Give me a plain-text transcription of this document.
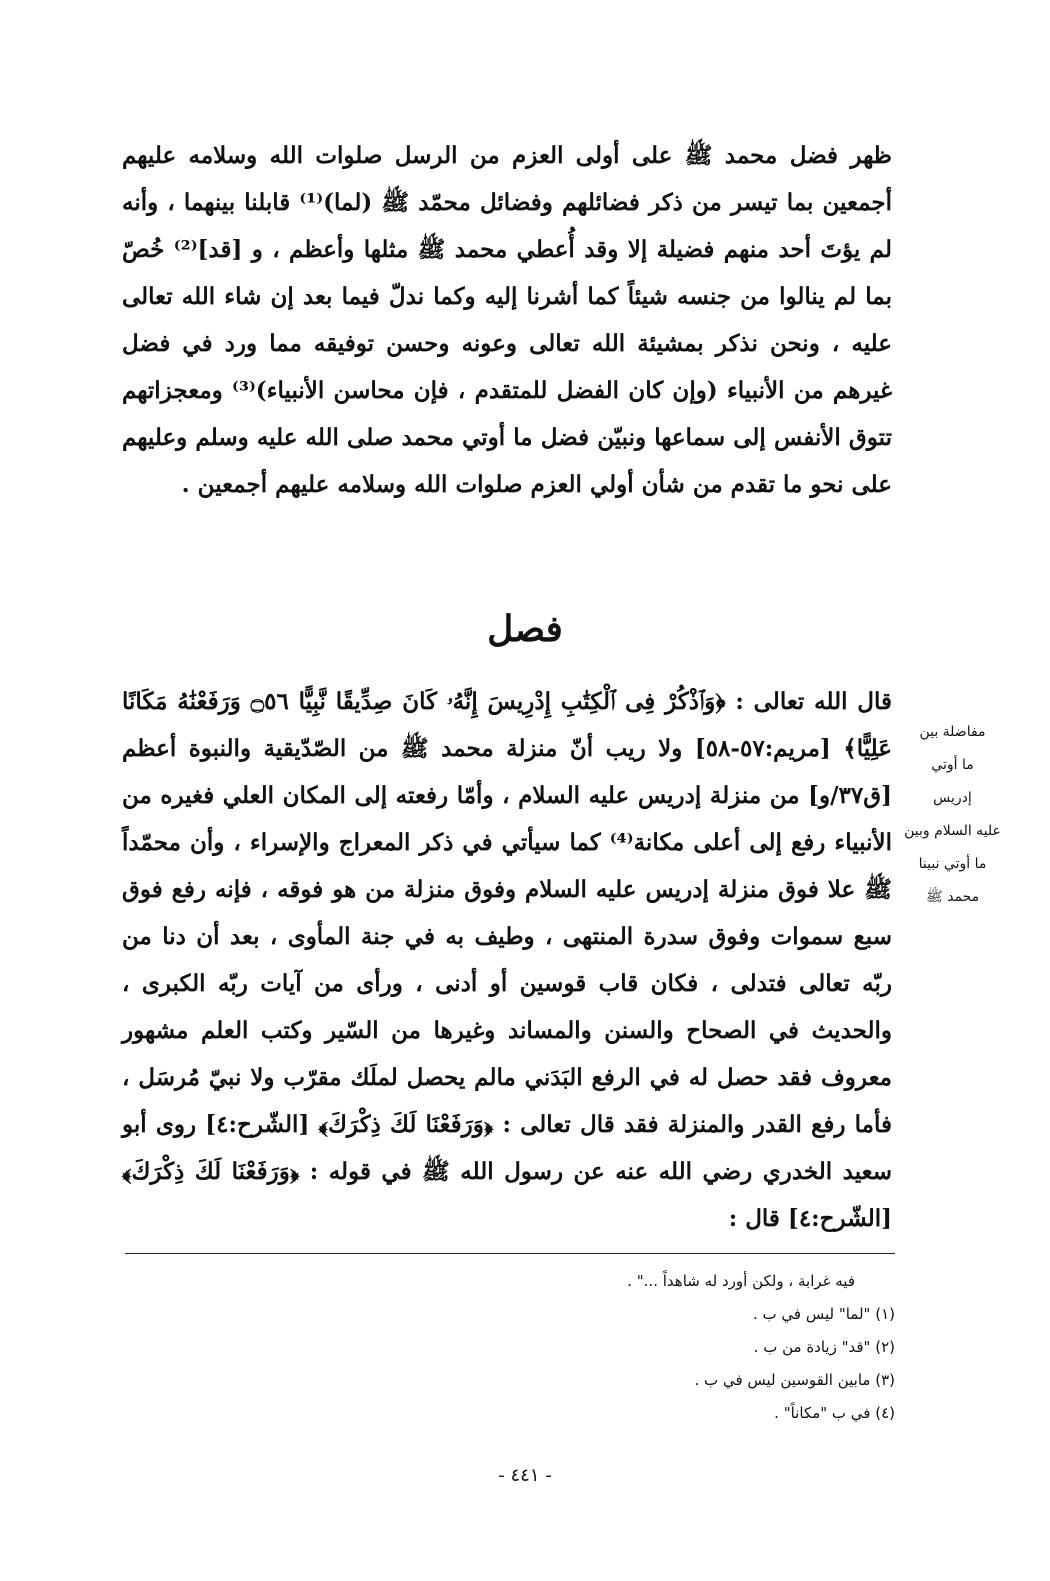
ظهر فضل محمد ﷺ على أولى العزم من الرسل صلوات الله وسلامه عليهم أجمعين بما تيسر من ذكر فضائلهم وفضائل محمّد ﷺ (لما)⁽¹⁾ قابلنا بينهما ، وأنه لم يؤتَ أحد منهم فضيلة إلا وقد أُعطي محمد ﷺ مثلها وأعظم ، و [قد]⁽²⁾ خُصّ بما لم ينالوا من جنسه شيئاً كما أشرنا إليه وكما ندلّ فيما بعد إن شاء الله تعالى عليه ، ونحن نذكر بمشيئة الله تعالى وعونه وحسن توفيقه مما ورد في فضل غيرهم من الأنبياء (وإن كان الفضل للمتقدم ، فإن محاسن الأنبياء)⁽³⁾ ومعجزاتهم تتوق الأنفس إلى سماعها ونبيّن فضل ما أوتي محمد صلى الله عليه وسلم وعليهم على نحو ما تقدم من شأن أولي العزم صلوات الله وسلامه عليهم أجمعين .
فصل
قال الله تعالى : ﴿وَٱذْكُرْ فِى ٱلْكِتَٰبِ إِدْرِيسَ إِنَّهُۥ كَانَ صِدِّيقًا نَّبِيًّا ۝٥٦ وَرَفَعْنَٰهُ مَكَانًا عَلِيًّا﴾ [مريم:٥٧-٥٨] ولا ريب أنّ منزلة محمد ﷺ من الصّدّيقية والنبوة أعظم [ق٣٧/و] من منزلة إدريس عليه السلام ، وأمّا رفعته إلى المكان العلي فغيره من الأنبياء رفع إلى أعلى مكانة⁽⁴⁾ كما سيأتي في ذكر المعراج والإسراء ، وأن محمّداً ﷺ علا فوق منزلة إدريس عليه السلام وفوق منزلة من هو فوقه ، فإنه رفع فوق سبع سموات وفوق سدرة المنتهى ، وطيف به في جنة المأوى ، بعد أن دنا من ربّه تعالى فتدلى ، فكان قاب قوسين أو أدنى ، ورأى من آيات ربّه الكبرى ، والحديث في الصحاح والسنن والمساند وغيرها من السّير وكتب العلم مشهور معروف فقد حصل له في الرفع البَدَني مالم يحصل لملَك مقرّب ولا نبيّ مُرسَل ، فأما رفع القدر والمنزلة فقد قال تعالى : ﴿وَرَفَعْنَا لَكَ ذِكْرَكَ﴾ [الشّرح:٤] روى أبو سعيد الخدري رضي الله عنه عن رسول الله ﷺ في قوله : ﴿وَرَفَعْنَا لَكَ ذِكْرَكَ﴾ [الشّرح:٤] قال :
مفاضلة بين
ما أوتي
إدريس
عليه السلام وبين
ما أوتي نبينا
محمد ﷺ
فيه غرابة ، ولكن أورد له شاهداً ..." .
(١) "لما" ليس في ب .
(٢) "قد" زيادة من ب .
(٣) مابين القوسين ليس في ب .
(٤) في ب "مكاناً" .
- ٤٤١ -
